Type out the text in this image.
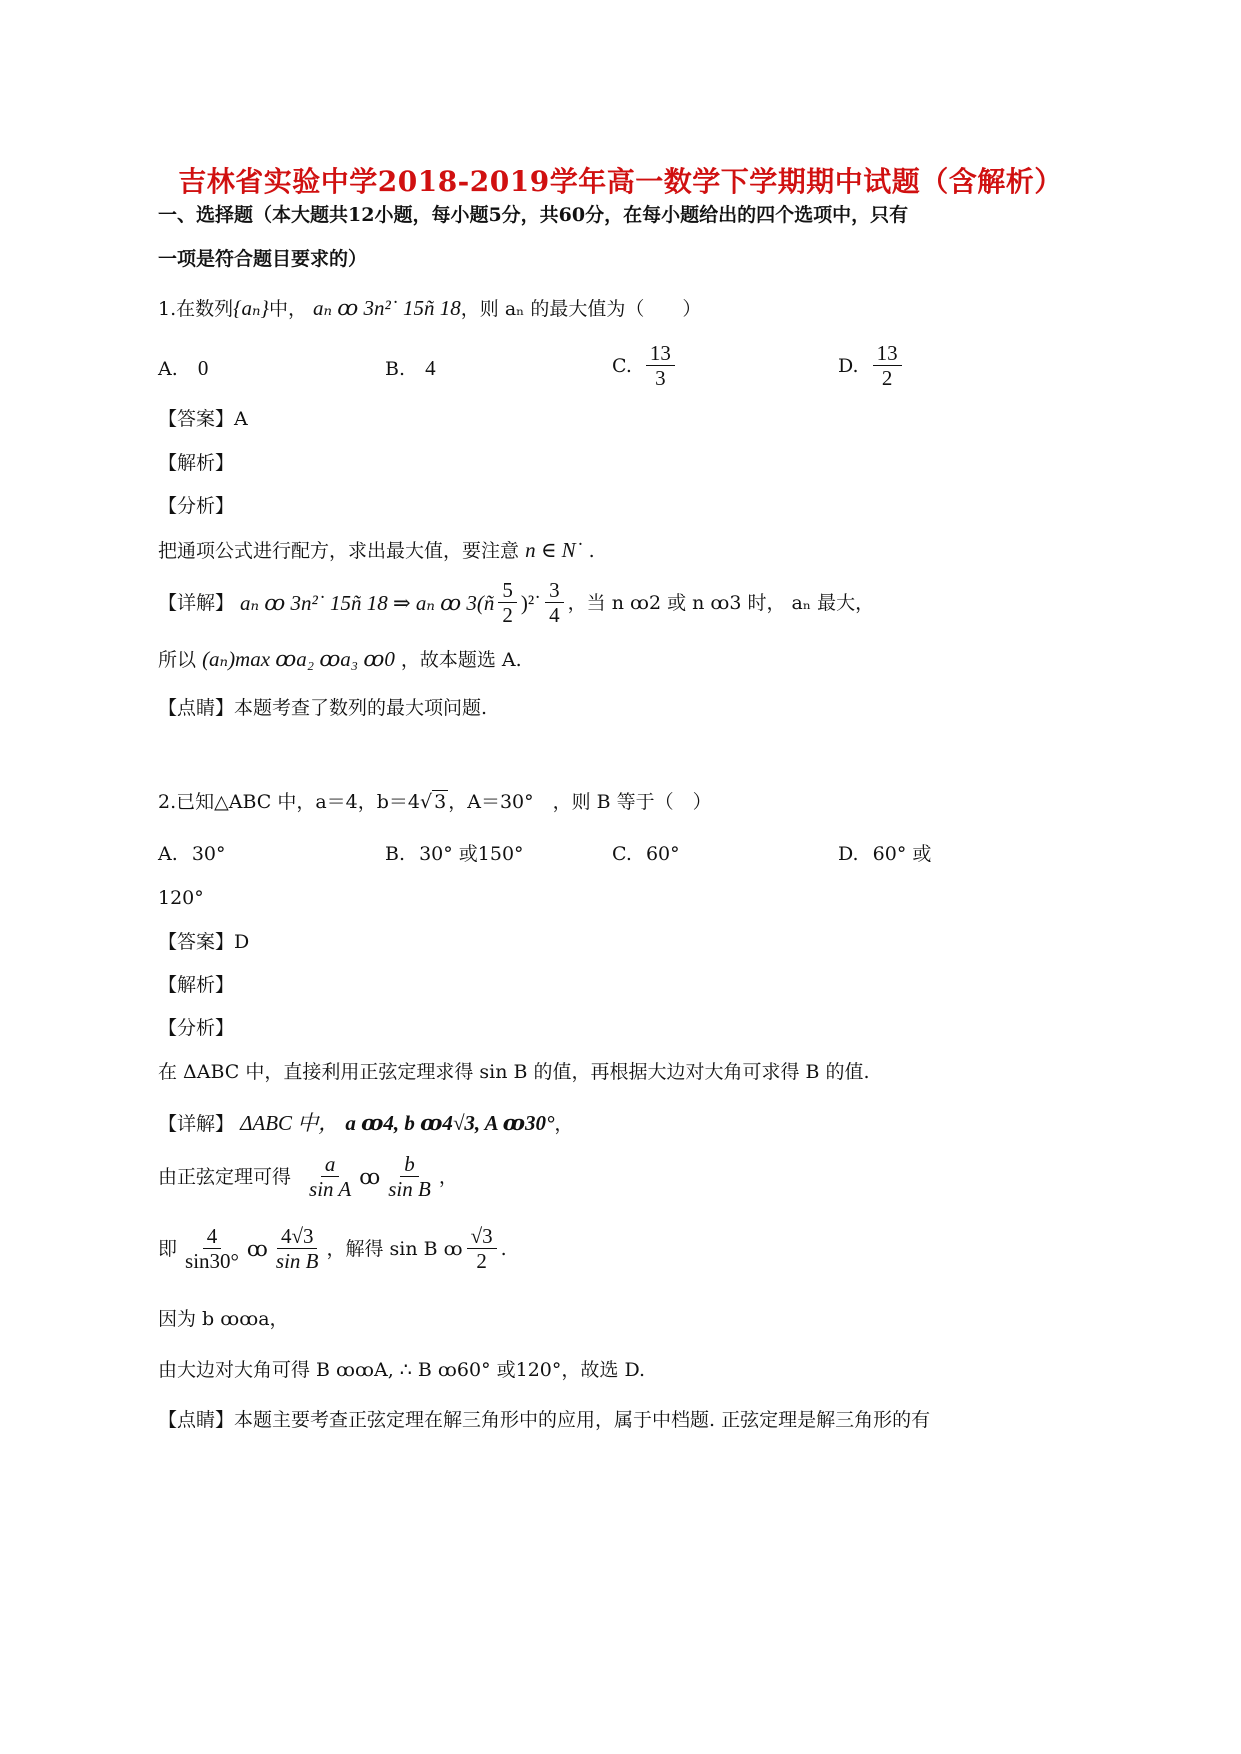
吉林省实验中学2018-2019学年高一数学下学期期中试题（含解析）
一、选择题（本大题共12小题，每小题5分，共60分，在每小题给出的四个选项中，只有
一项是符合题目要求的）
1.在数列{aₙ}中， aₙ ꝏ 3n²˙ 15ñ 18，则 aₙ 的最大值为（　　）
A. 0	B. 4	C. $\frac{13}{3}$	D. $\frac{13}{2}$
【答案】A
【解析】
【分析】
把通项公式进行配方，求出最大值，要注意 n ∈ N˙ .
【详解】 aₙ ꝏ 3n²˙ 15ñ 18 ⇒ aₙ ꝏ 3(ñ $\frac{5}{2}$ )²˙ $\frac{3}{4}$ ，当 n ꝏ2 或 n ꝏ3 时， aₙ 最大，
所以 (aₙ)max ꝏa₂ ꝏa₃ ꝏ0 ，故本题选 A.
【点睛】本题考查了数列的最大项问题.
2.已知△ABC 中，a＝4，b＝4√ 3 ，A＝30°　，则 B 等于（　）
A. 30°	B. 30° 或150°	C. 60°	D. 60° 或
120°
【答案】D
【解析】
【分析】
在 ΔABC 中，直接利用正弦定理求得 sin B 的值，再根据大边对大角可求得 B 的值.
【详解】 ΔABC 中， a ꝏ4, b ꝏ4√3, A ꝏ30°，
由正弦定理可得 $\frac{a}{\text{sin A}}$ ꝏ $\frac{b}{\text{sin B}}$ ，
即 $\frac{4}{\sin 30^\circ}$ ꝏ $\frac{4√3}{\text{sin B}}$ ，解得 sin B ꝏ $\frac{√3}{2}$ .
因为 b ꝏꝏa，
由大边对大角可得 B ꝏꝏA, ∴ B ꝏ60° 或120°，故选 D.
【点睛】本题主要考查正弦定理在解三角形中的应用，属于中档题. 正弦定理是解三角形的有
